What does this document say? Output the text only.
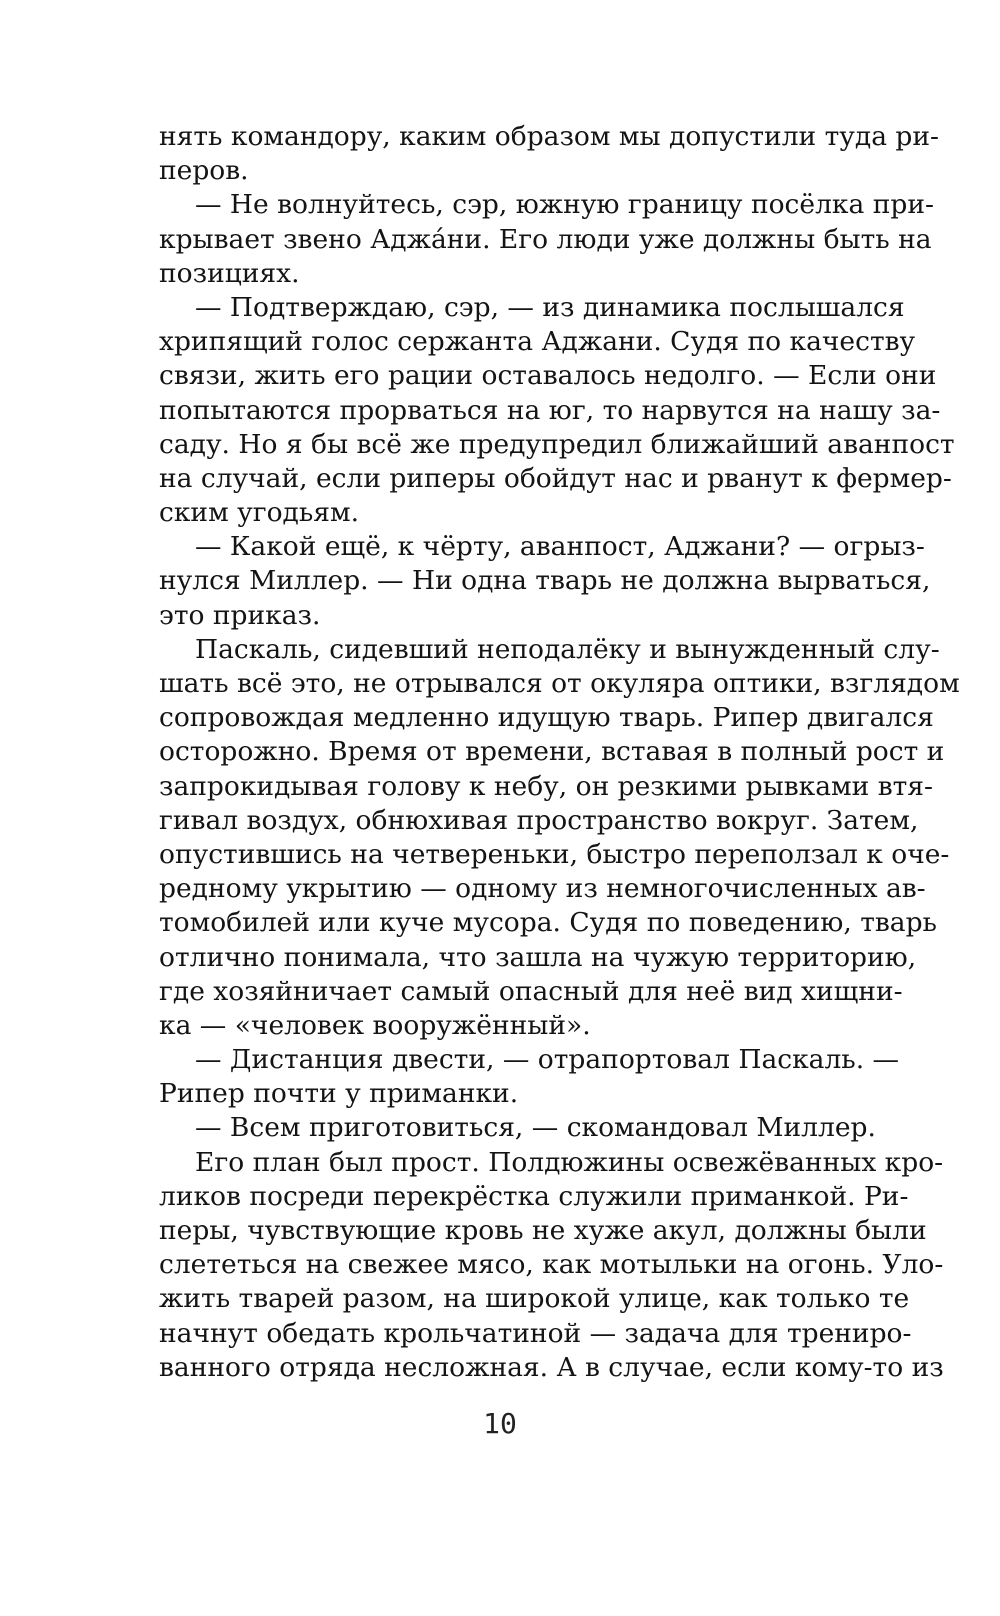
нять командору, каким образом мы допустили туда ри-
перов.
— Не волнуйтесь, сэр, южную границу посёлка при-
крывает звено Аджáни. Его люди уже должны быть на
позициях.
— Подтверждаю, сэр, — из динамика послышался
хрипящий голос сержанта Аджани. Судя по качеству
связи, жить его рации оставалось недолго. — Если они
попытаются прорваться на юг, то нарвутся на нашу за-
саду. Но я бы всё же предупредил ближайший аванпост
на случай, если риперы обойдут нас и рванут к фермер-
ским угодьям.
— Какой ещё, к чёрту, аванпост, Аджани? — огрыз-
нулся Миллер. — Ни одна тварь не должна вырваться,
это приказ.
Паскаль, сидевший неподалёку и вынужденный слу-
шать всё это, не отрывался от окуляра оптики, взглядом
сопровождая медленно идущую тварь. Рипер двигался
осторожно. Время от времени, вставая в полный рост и
запрокидывая голову к небу, он резкими рывками втя-
гивал воздух, обнюхивая пространство вокруг. Затем,
опустившись на четвереньки, быстро переползал к оче-
редному укрытию — одному из немногочисленных ав-
томобилей или куче мусора. Судя по поведению, тварь
отлично понимала, что зашла на чужую территорию,
где хозяйничает самый опасный для неё вид хищни-
ка — «человек вооружённый».
— Дистанция двести, — отрапортовал Паскаль. —
Рипер почти у приманки.
— Всем приготовиться, — скомандовал Миллер.
Его план был прост. Полдюжины освежёванных кро-
ликов посреди перекрёстка служили приманкой. Ри-
перы, чувствующие кровь не хуже акул, должны были
слететься на свежее мясо, как мотыльки на огонь. Уло-
жить тварей разом, на широкой улице, как только те
начнут обедать крольчатиной — задача для трениро-
ванного отряда несложная. А в случае, если кому-то из
10
